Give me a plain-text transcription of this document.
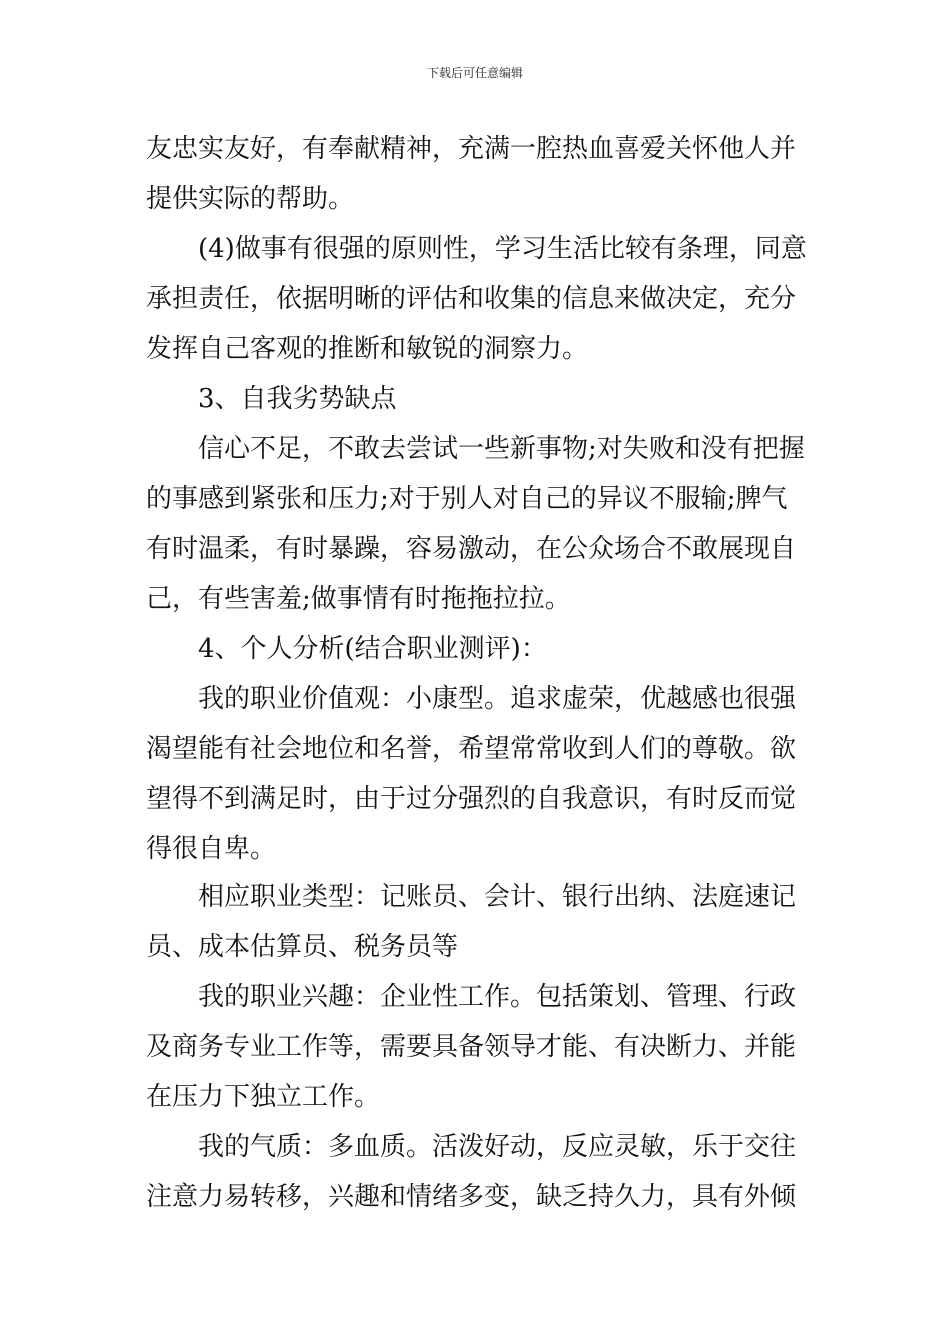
下载后可任意编辑
友忠实友好，有奉献精神，充满一腔热血喜爱关怀他人并
提供实际的帮助。
(4)做事有很强的原则性，学习生活比较有条理，同意
承担责任，依据明晰的评估和收集的信息来做决定，充分
发挥自己客观的推断和敏锐的洞察力。
3、自我劣势缺点
信心不足，不敢去尝试一些新事物;对失败和没有把握
的事感到紧张和压力;对于别人对自己的异议不服输;脾气
有时温柔，有时暴躁，容易激动，在公众场合不敢展现自
己，有些害羞;做事情有时拖拖拉拉。
4、个人分析(结合职业测评)：
我的职业价值观：小康型。追求虚荣，优越感也很强
渴望能有社会地位和名誉，希望常常收到人们的尊敬。欲
望得不到满足时，由于过分强烈的自我意识，有时反而觉
得很自卑。
相应职业类型：记账员、会计、银行出纳、法庭速记
员、成本估算员、税务员等
我的职业兴趣：企业性工作。包括策划、管理、行政
及商务专业工作等，需要具备领导才能、有决断力、并能
在压力下独立工作。
我的气质：多血质。活泼好动，反应灵敏，乐于交往
注意力易转移，兴趣和情绪多变，缺乏持久力，具有外倾
